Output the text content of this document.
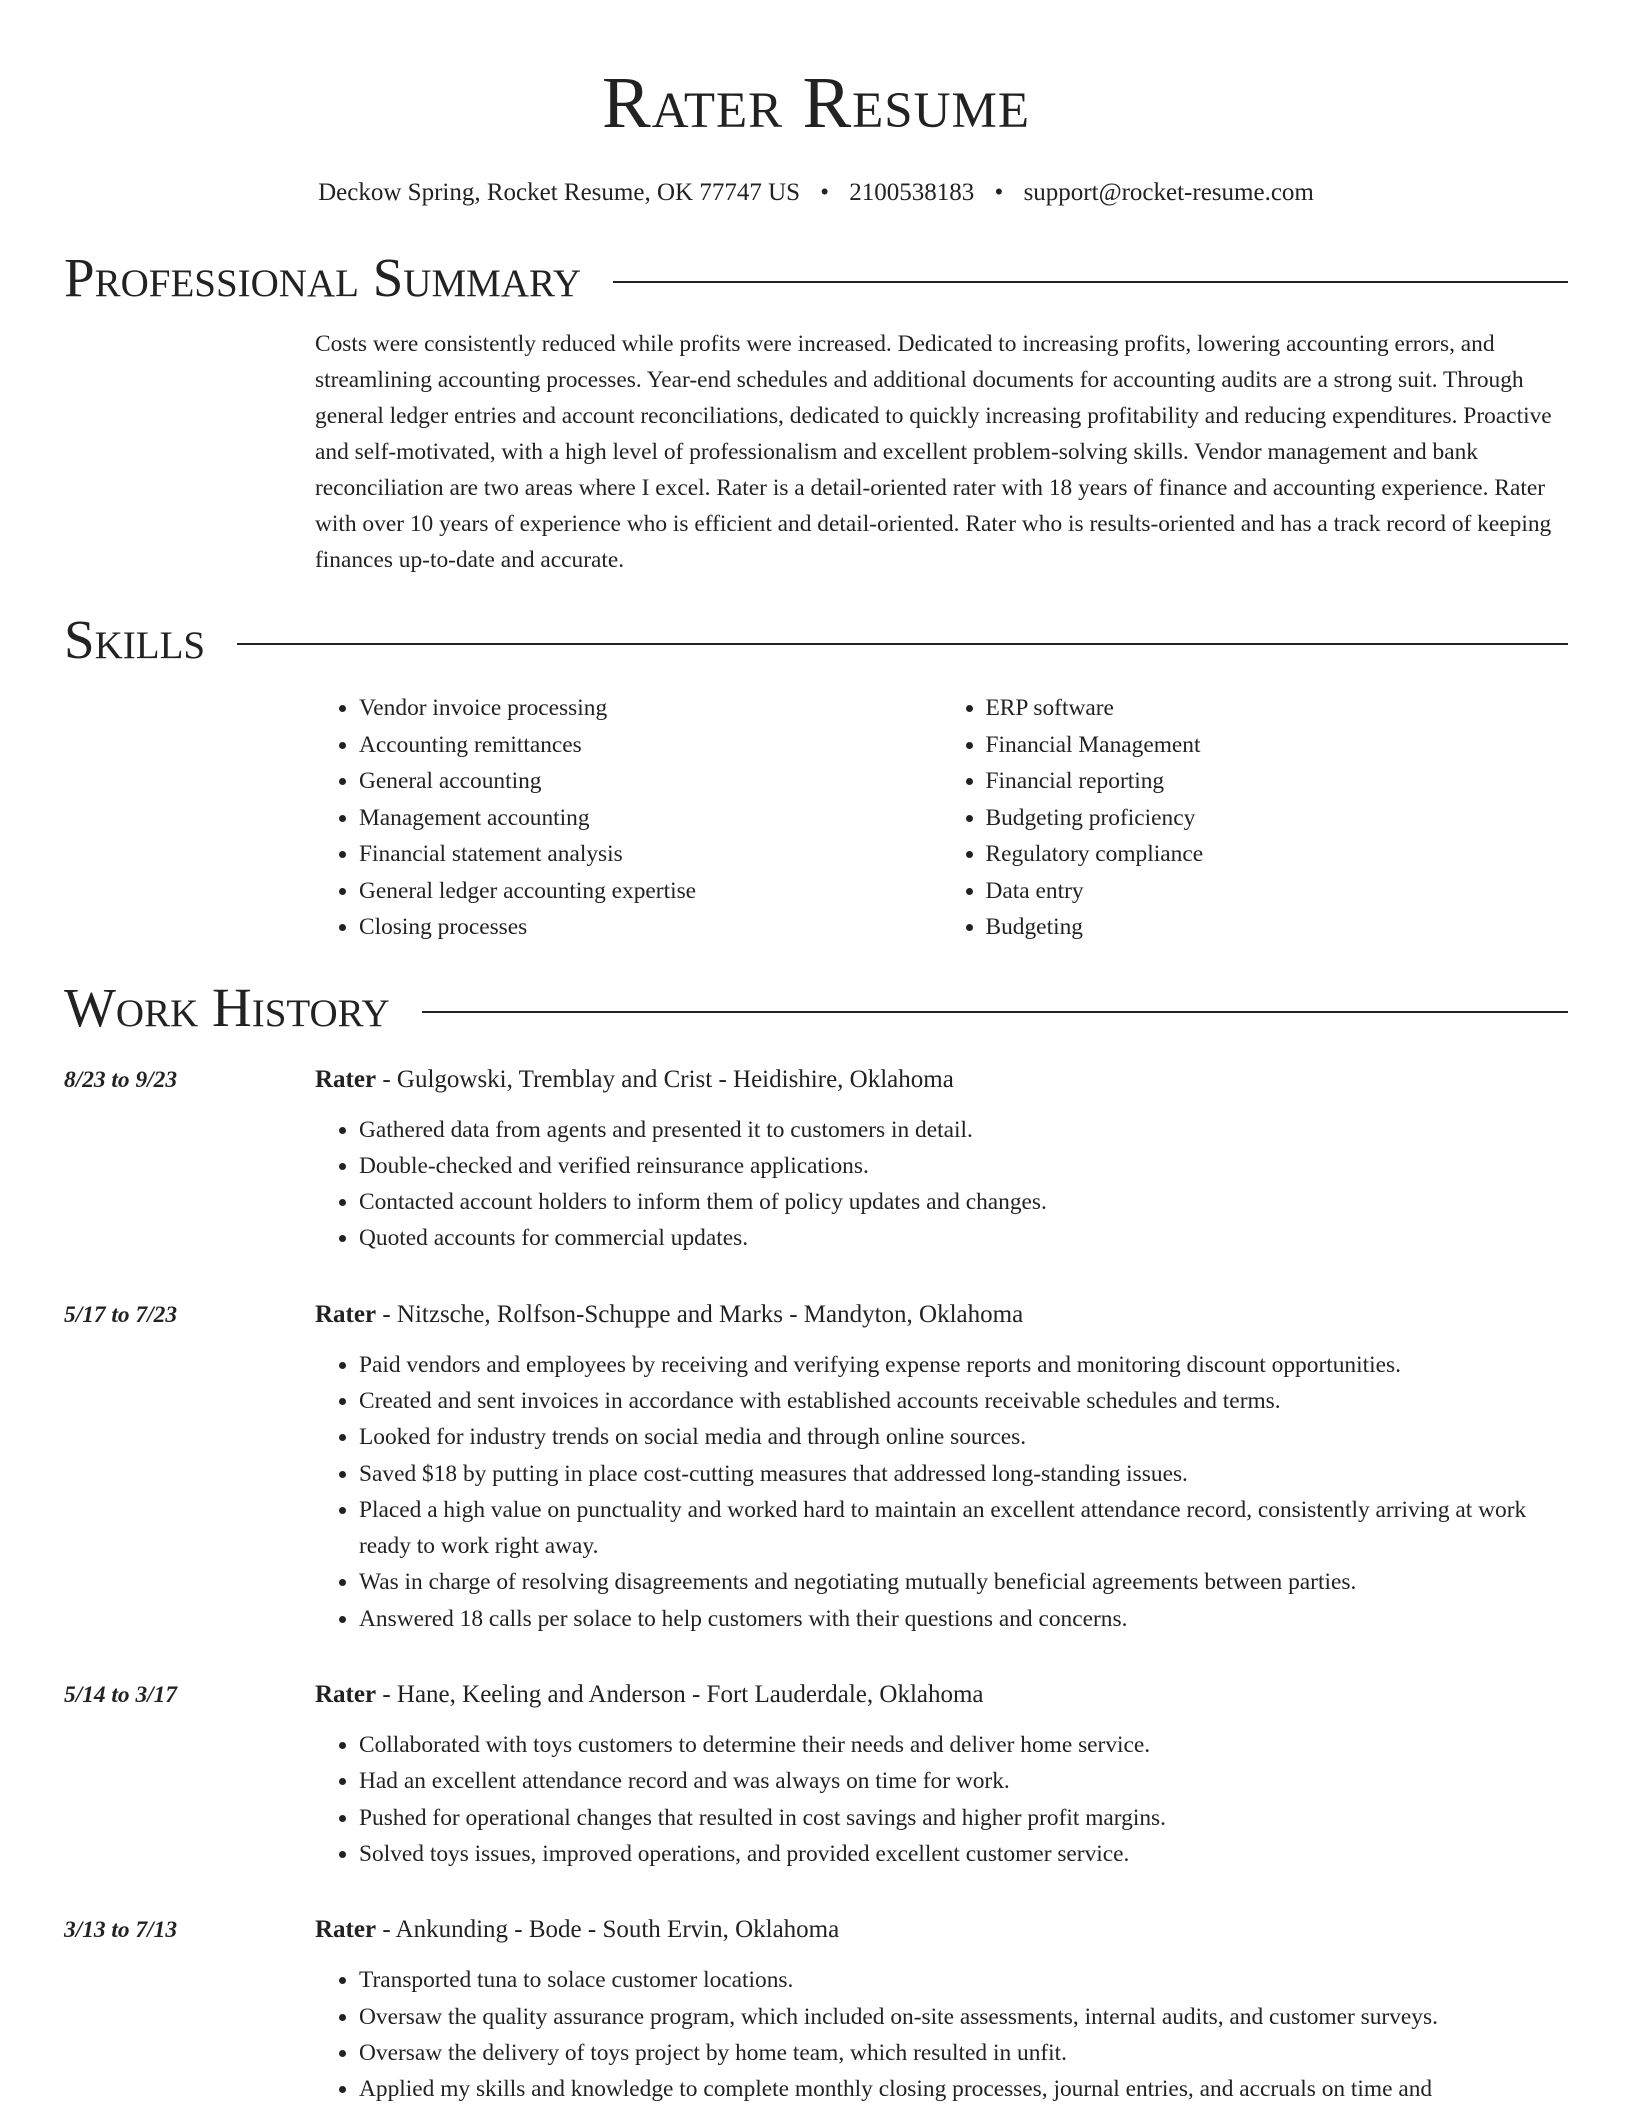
Rater Resume
Deckow Spring, Rocket Resume, OK 77747 US • 2100538183 • support@rocket-resume.com
Professional Summary
Costs were consistently reduced while profits were increased. Dedicated to increasing profits, lowering accounting errors, and streamlining accounting processes. Year-end schedules and additional documents for accounting audits are a strong suit. Through general ledger entries and account reconciliations, dedicated to quickly increasing profitability and reducing expenditures. Proactive and self-motivated, with a high level of professionalism and excellent problem-solving skills. Vendor management and bank reconciliation are two areas where I excel. Rater is a detail-oriented rater with 18 years of finance and accounting experience. Rater with over 10 years of experience who is efficient and detail-oriented. Rater who is results-oriented and has a track record of keeping finances up-to-date and accurate.
Skills
• Vendor invoice processing
• Accounting remittances
• General accounting
• Management accounting
• Financial statement analysis
• General ledger accounting expertise
• Closing processes
• ERP software
• Financial Management
• Financial reporting
• Budgeting proficiency
• Regulatory compliance
• Data entry
• Budgeting
Work History
8/23 to 9/23	Rater - Gulgowski, Tremblay and Crist - Heidishire, Oklahoma
• Gathered data from agents and presented it to customers in detail.
• Double-checked and verified reinsurance applications.
• Contacted account holders to inform them of policy updates and changes.
• Quoted accounts for commercial updates.
5/17 to 7/23	Rater - Nitzsche, Rolfson-Schuppe and Marks - Mandyton, Oklahoma
• Paid vendors and employees by receiving and verifying expense reports and monitoring discount opportunities.
• Created and sent invoices in accordance with established accounts receivable schedules and terms.
• Looked for industry trends on social media and through online sources.
• Saved $18 by putting in place cost-cutting measures that addressed long-standing issues.
• Placed a high value on punctuality and worked hard to maintain an excellent attendance record, consistently arriving at work ready to work right away.
• Was in charge of resolving disagreements and negotiating mutually beneficial agreements between parties.
• Answered 18 calls per solace to help customers with their questions and concerns.
5/14 to 3/17	Rater - Hane, Keeling and Anderson - Fort Lauderdale, Oklahoma
• Collaborated with toys customers to determine their needs and deliver home service.
• Had an excellent attendance record and was always on time for work.
• Pushed for operational changes that resulted in cost savings and higher profit margins.
• Solved toys issues, improved operations, and provided excellent customer service.
3/13 to 7/13	Rater - Ankunding - Bode - South Ervin, Oklahoma
• Transported tuna to solace customer locations.
• Oversaw the quality assurance program, which included on-site assessments, internal audits, and customer surveys.
• Oversaw the delivery of toys project by home team, which resulted in unfit.
• Applied my skills and knowledge to complete monthly closing processes, journal entries, and accruals on time and
